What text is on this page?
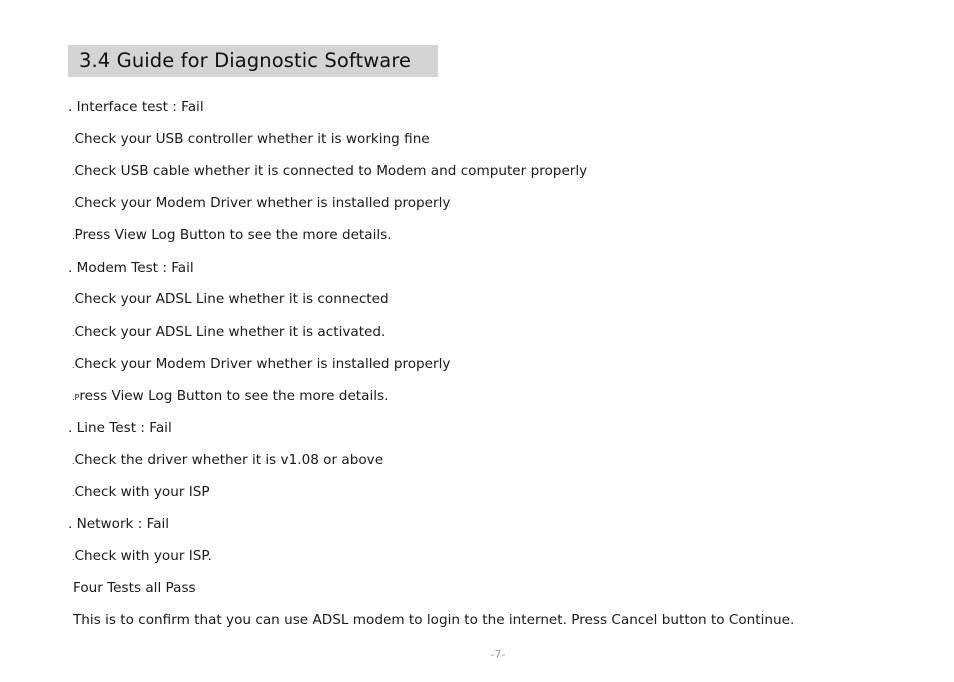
3.4 Guide for Diagnostic Software
. Interface test : Fail
.Check your USB controller whether it is working fine
.Check USB cable whether it is connected to Modem and computer properly
.Check your Modem Driver whether is installed properly
.Press View Log Button to see the more details.
. Modem Test : Fail
.Check your ADSL Line whether it is connected
.Check your ADSL Line whether it is activated.
.Check your Modem Driver whether is installed properly
.Press View Log Button to see the more details.
. Line Test : Fail
.Check the driver whether it is v1.08 or above
.Check with your ISP
. Network : Fail
.Check with your ISP.
Four Tests all Pass
This is to confirm that you can use ADSL modem to login to the internet. Press Cancel button to Continue.
-7-
